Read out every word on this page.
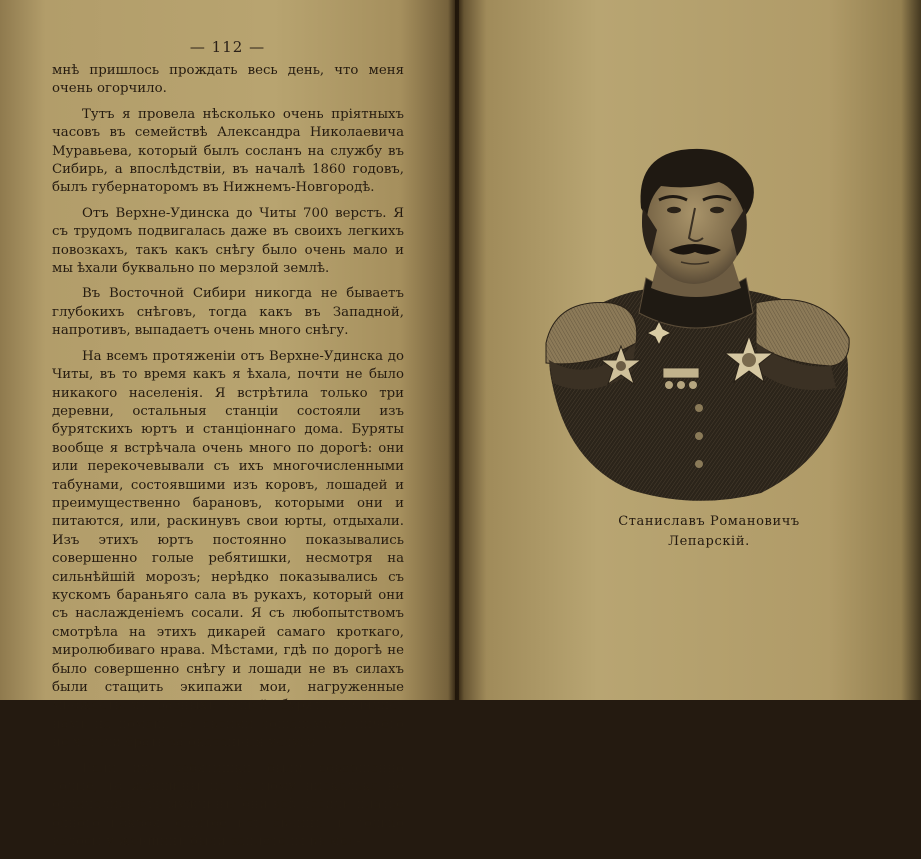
— 112 —

мнѣ пришлось прождать весь день, что меня очень огорчило.

Тутъ я провела нѣсколько очень пріятныхъ часовъ въ семействѣ Александра Николаевича Муравьева, который былъ сосланъ на службу въ Сибирь, а впослѣдствіи, въ началѣ 1860 годовъ, былъ губернаторомъ въ Нижнемъ-Новгородѣ.

Отъ Верхне-Удинска до Читы 700 верстъ. Я съ трудомъ подвигалась даже въ своихъ легкихъ повозкахъ, такъ какъ снѣгу было очень мало и мы ѣхали буквально по мерзлой землѣ.

Въ Восточной Сибири никогда не бываетъ глубокихъ снѣговъ, тогда какъ въ Западной, напротивъ, выпадаетъ очень много снѣгу.

На всемъ протяженіи отъ Верхне-Удинска до Читы, въ то время какъ я ѣхала, почти не было никакого населенія. Я встрѣтила только три деревни, остальныя станціи состояли изъ бурятскихъ юртъ и станціоннаго дома. Буряты вообще я встрѣчала очень много по дорогѣ: они или перекочевывали съ ихъ многочисленными табунами, состоявшими изъ коровъ, лошадей и преимущественно барановъ, которыми они и питаются, или, раскинувъ свои юрты, отдыхали. Изъ этихъ юртъ постоянно показывались совершенно голые ребятишки, несмотря на сильнѣйшій морозъ; нерѣдко показывались съ кускомъ бараньяго сала въ рукахъ, который они съ наслажденіемъ сосали. Я съ любопытствомъ смотрѣла на этихъ дикарей самаго кроткаго, миролюбиваго нрава. Мѣстами, гдѣ по дорогѣ не было совершенно снѣгу и лошади не въ силахъ были стащить экипажи мои, нагруженные множествомъ разныхъ вещей, буряты являлись намъ на помощь съ своими лошадьми и ничего не хотѣли брать за оказанныя услуги.

Если ихъ ребятишки были совершенно голые, то женщины по костюму нисколько не отличались отъ мужчинъ; они всѣ носили платье одного покроя, сшитое изъ овчинъ, и только волосы у женщинъ были заплетены въ мел-

Станиславъ Романовичъ
Лепарскій.
